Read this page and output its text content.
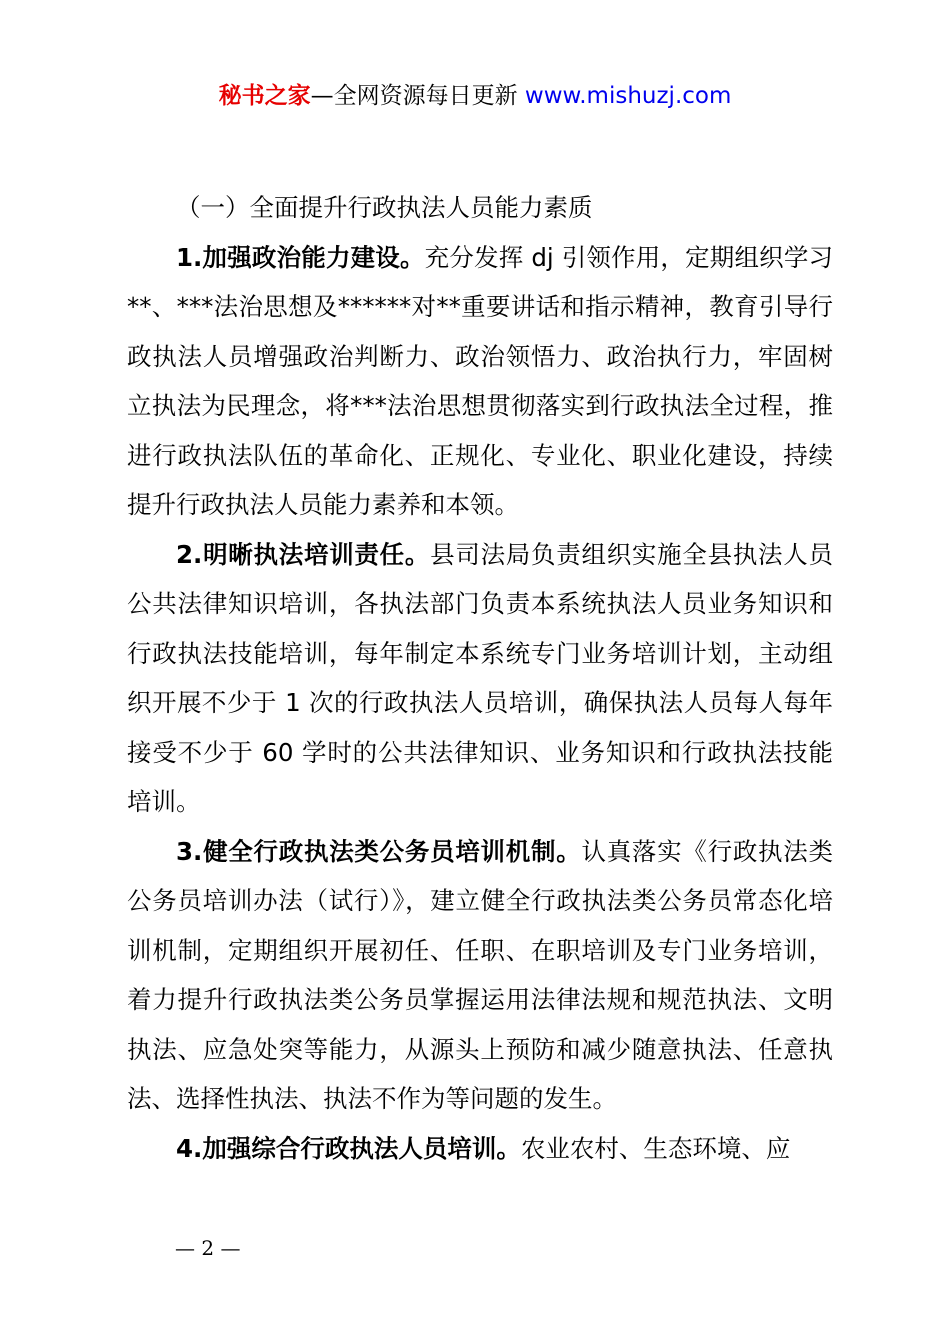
秘书之家—全网资源每日更新 www.mishuzj.com

（一）全面提升行政执法人员能力素质

1.加强政治能力建设。充分发挥 dj 引领作用，定期组织学习**、***法治思想及******对**重要讲话和指示精神，教育引导行政执法人员增强政治判断力、政治领悟力、政治执行力，牢固树立执法为民理念，将***法治思想贯彻落实到行政执法全过程，推进行政执法队伍的革命化、正规化、专业化、职业化建设，持续提升行政执法人员能力素养和本领。

2.明晰执法培训责任。县司法局负责组织实施全县执法人员公共法律知识培训，各执法部门负责本系统执法人员业务知识和行政执法技能培训，每年制定本系统专门业务培训计划，主动组织开展不少于 1 次的行政执法人员培训，确保执法人员每人每年接受不少于 60 学时的公共法律知识、业务知识和行政执法技能培训。

3.健全行政执法类公务员培训机制。认真落实《行政执法类公务员培训办法（试行）》，建立健全行政执法类公务员常态化培训机制，定期组织开展初任、任职、在职培训及专门业务培训，着力提升行政执法类公务员掌握运用法律法规和规范执法、文明执法、应急处突等能力，从源头上预防和减少随意执法、任意执法、选择性执法、执法不作为等问题的发生。

4.加强综合行政执法人员培训。农业农村、生态环境、应

— 2 —
